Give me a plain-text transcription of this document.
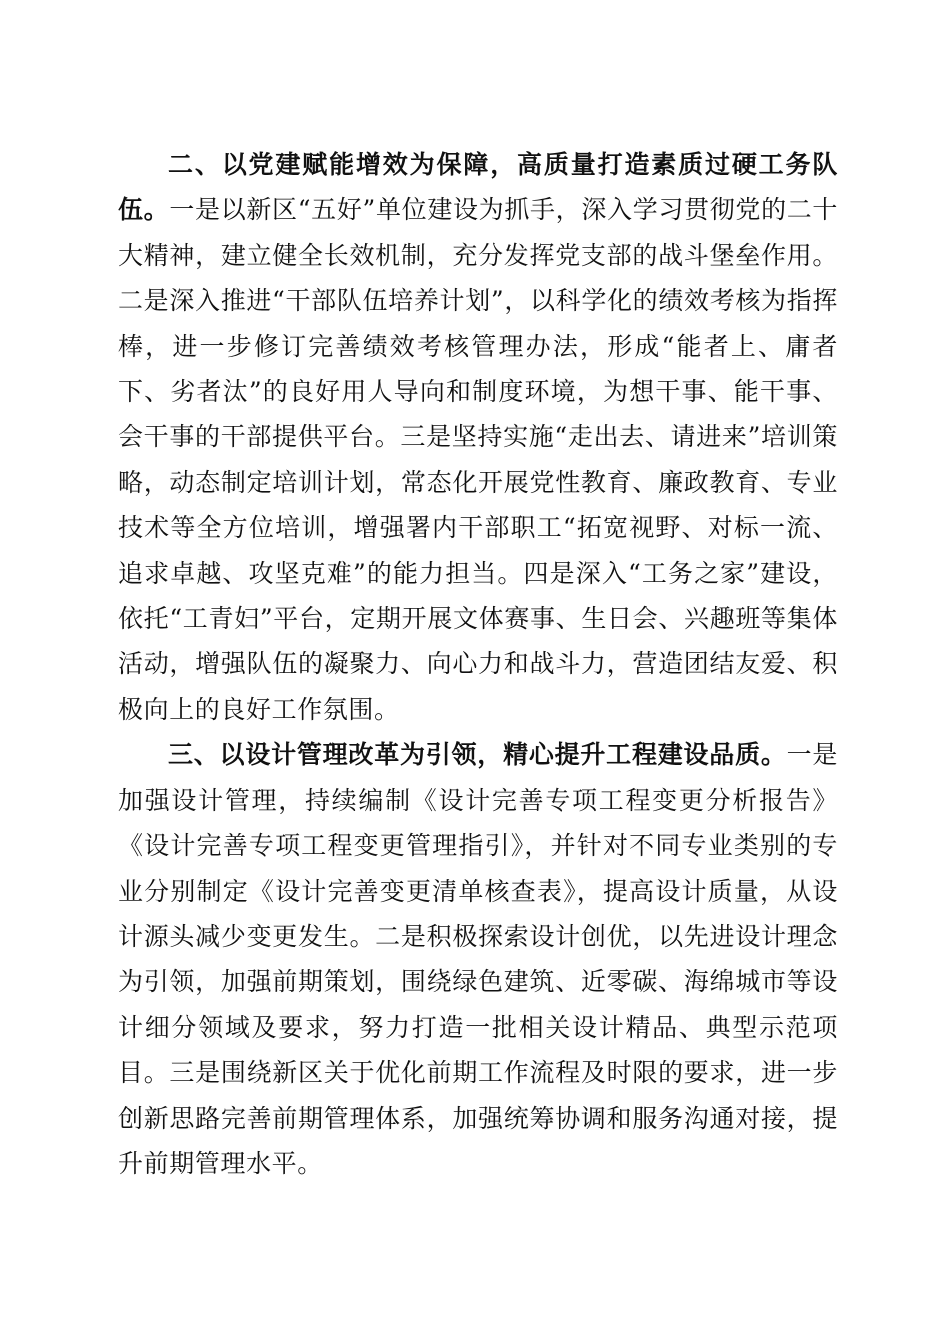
二、以党建赋能增效为保障，高质量打造素质过硬工务队伍。一是以新区“五好”单位建设为抓手，深入学习贯彻党的二十大精神，建立健全长效机制，充分发挥党支部的战斗堡垒作用。二是深入推进“干部队伍培养计划”，以科学化的绩效考核为指挥棒，进一步修订完善绩效考核管理办法，形成“能者上、庸者下、劣者汰”的良好用人导向和制度环境，为想干事、能干事、会干事的干部提供平台。三是坚持实施“走出去、请进来”培训策略，动态制定培训计划，常态化开展党性教育、廉政教育、专业技术等全方位培训，增强署内干部职工“拓宽视野、对标一流、追求卓越、攻坚克难”的能力担当。四是深入“工务之家”建设，依托“工青妇”平台，定期开展文体赛事、生日会、兴趣班等集体活动，增强队伍的凝聚力、向心力和战斗力，营造团结友爱、积极向上的良好工作氛围。

三、以设计管理改革为引领，精心提升工程建设品质。一是加强设计管理，持续编制《设计完善专项工程变更分析报告》《设计完善专项工程变更管理指引》，并针对不同专业类别的专业分别制定《设计完善变更清单核查表》，提高设计质量，从设计源头减少变更发生。二是积极探索设计创优，以先进设计理念为引领，加强前期策划，围绕绿色建筑、近零碳、海绵城市等设计细分领域及要求，努力打造一批相关设计精品、典型示范项目。三是围绕新区关于优化前期工作流程及时限的要求，进一步创新思路完善前期管理体系，加强统筹协调和服务沟通对接，提升前期管理水平。
